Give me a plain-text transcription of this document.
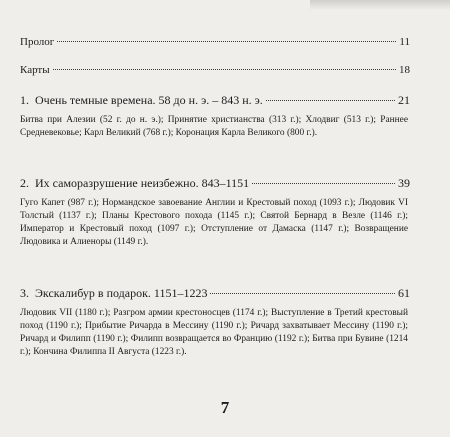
Пролог	11
Карты	18
1. Очень темные времена. 58 до н. э. – 843 н. э.	21
Битва при Алезии (52 г. до н. э.); Принятие христианства (313 г.); Хлодвиг (513 г.); Раннее Средневековье; Карл Великий (768 г.); Коронация Карла Великого (800 г.).
2. Их саморазрушение неизбежно. 843–1151	39
Гуго Капет (987 г.); Нормандское завоевание Англии и Крестовый поход (1093 г.); Людовик VI Толстый (1137 г.); Планы Крестового похода (1145 г.); Святой Бернард в Везле (1146 г.); Император и Крестовый поход (1097 г.); Отступление от Дамаска (1147 г.); Возвращение Людовика и Алиеноры (1149 г.).
3. Экскалибур в подарок. 1151–1223	61
Людовик VII (1180 г.); Разгром армии крестоносцев (1174 г.); Выступление в Третий крестовый поход (1190 г.); Прибытие Ричарда в Мессину (1190 г.); Ричард захватывает Мессину (1190 г.); Ричард и Филипп (1190 г.); Филипп возвращается во Францию (1192 г.); Битва при Бувине (1214 г.); Кончина Филиппа II Августа (1223 г.).
7
